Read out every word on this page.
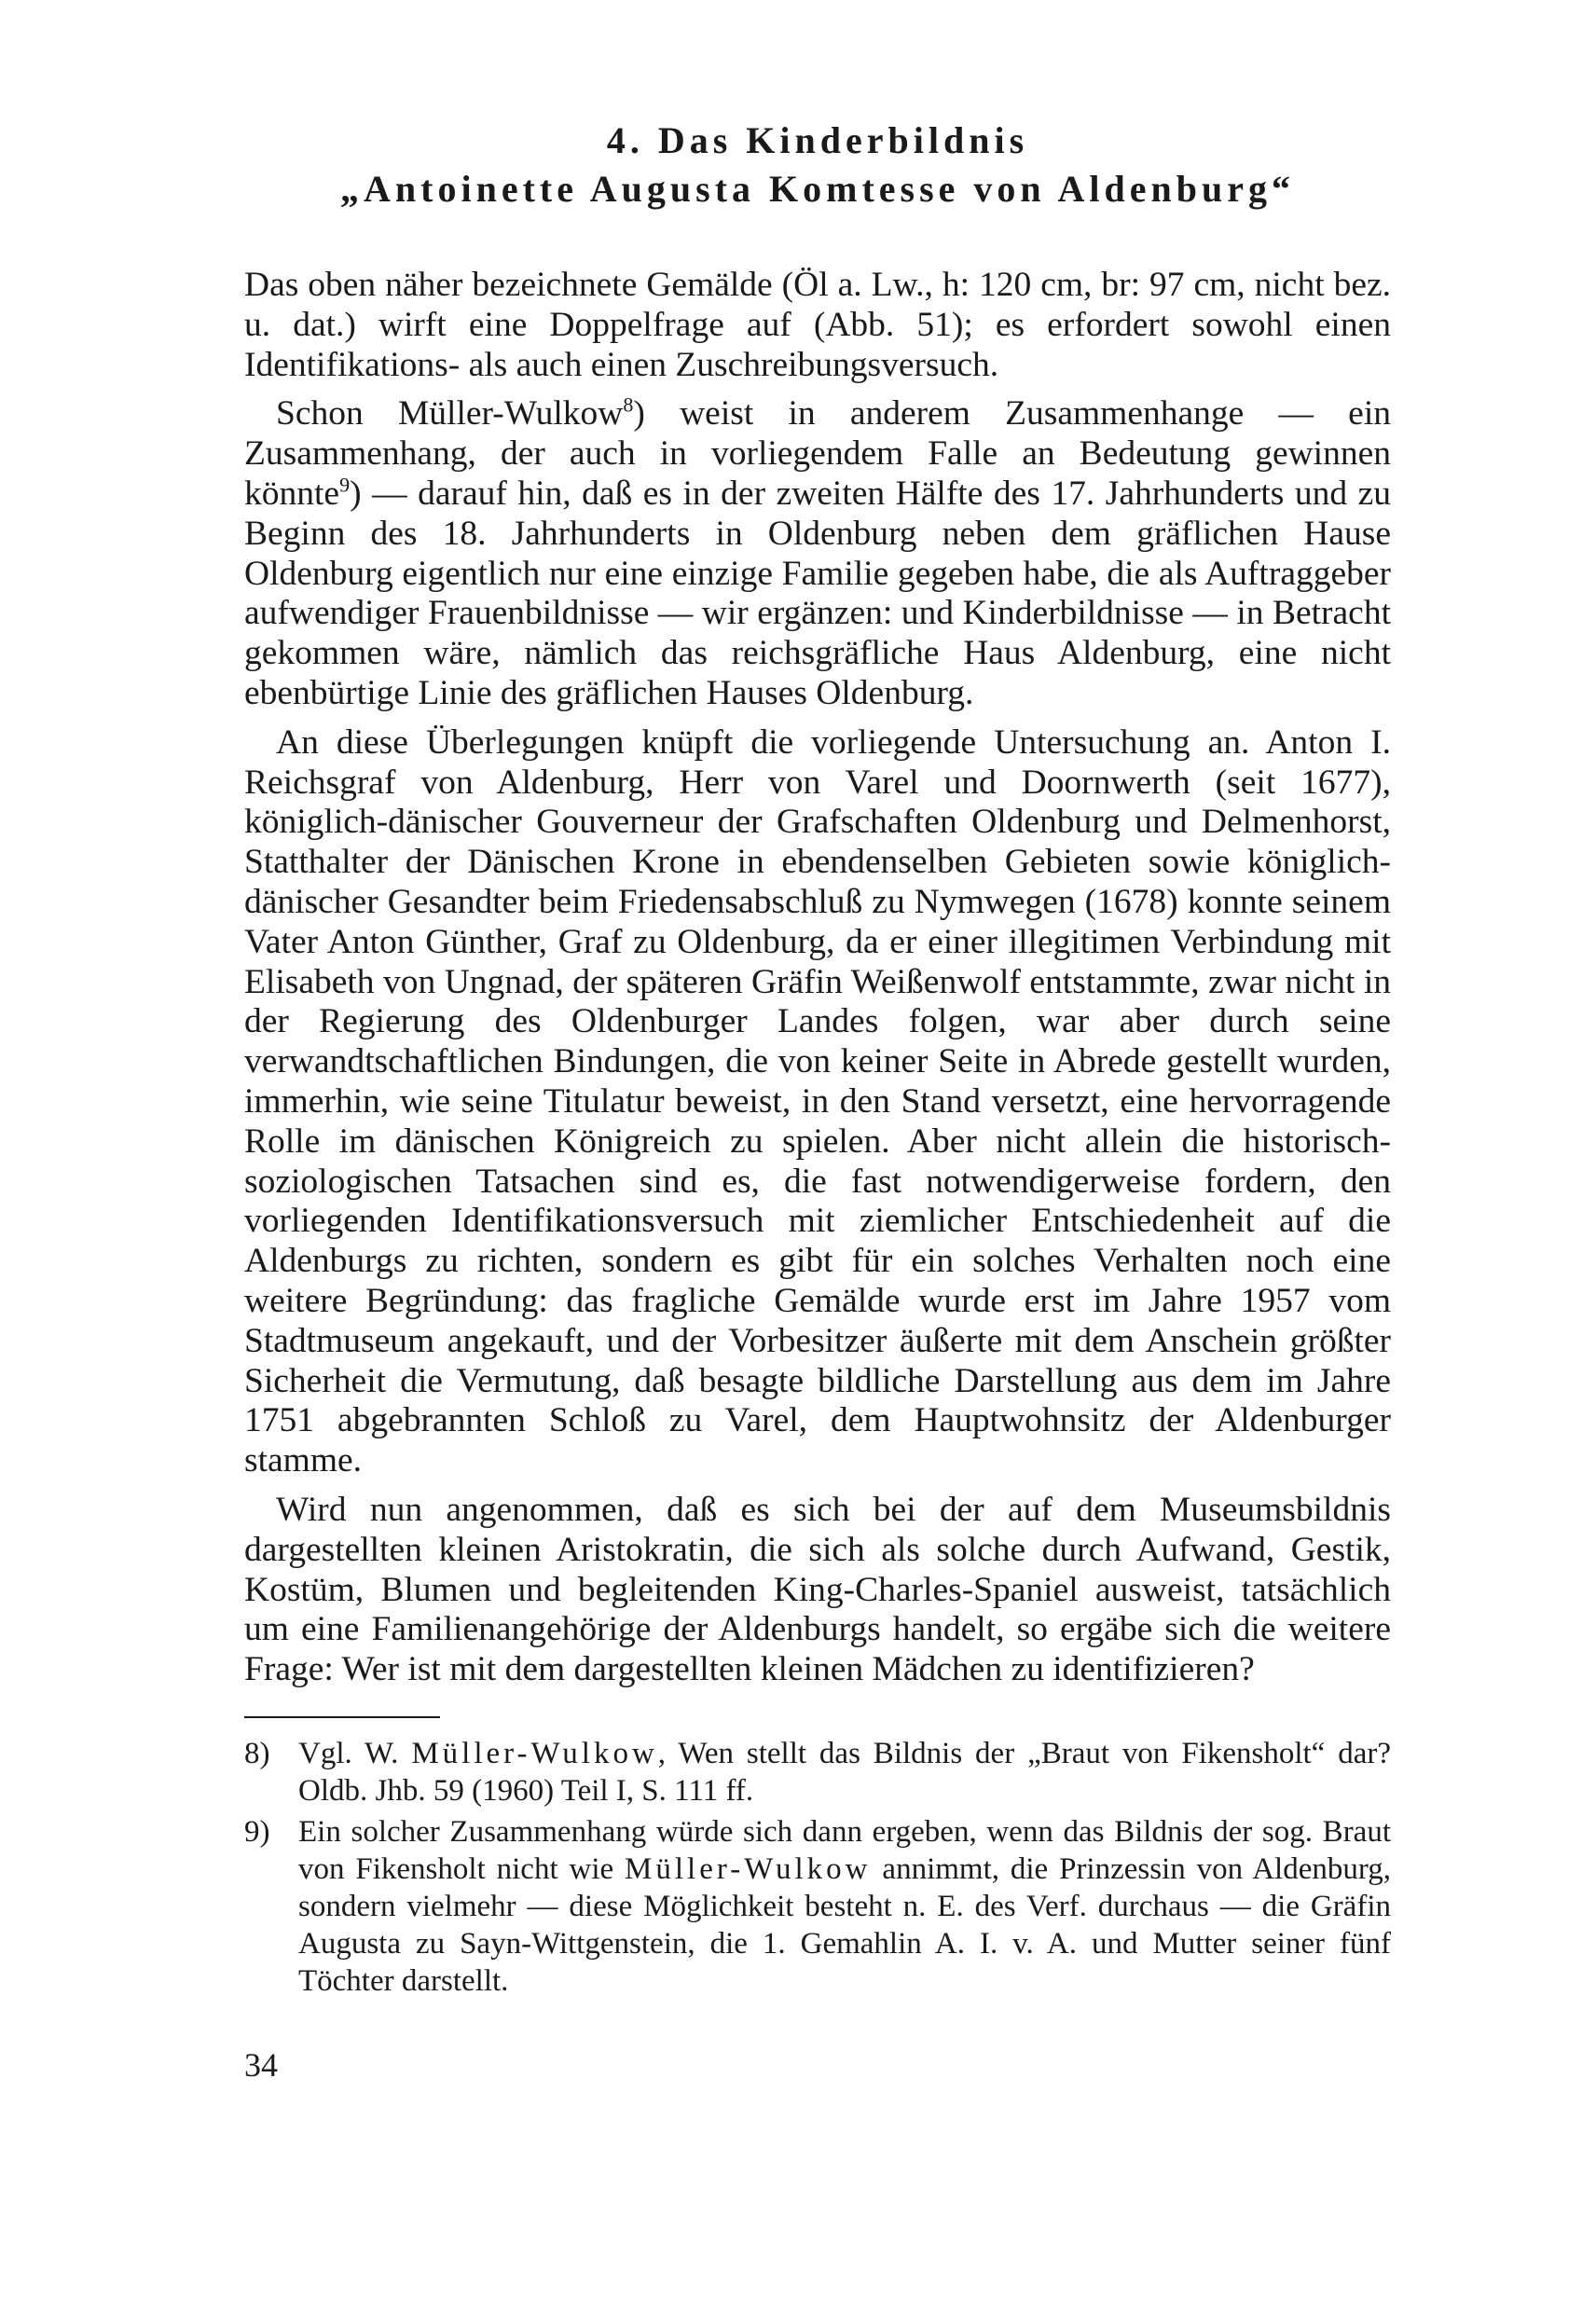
4. Das Kinderbildnis
„Antoinette Augusta Komtesse von Aldenburg“

Das oben näher bezeichnete Gemälde (Öl a. Lw., h: 120 cm, br: 97 cm, nicht bez. u. dat.) wirft eine Doppelfrage auf (Abb. 51); es erfordert sowohl einen Identifikations- als auch einen Zuschreibungsversuch.

Schon Müller-Wulkow$^8$) weist in anderem Zusammenhange — ein Zusammenhang, der auch in vorliegendem Falle an Bedeutung gewinnen könnte$^9$) — darauf hin, daß es in der zweiten Hälfte des 17. Jahrhunderts und zu Beginn des 18. Jahrhunderts in Oldenburg neben dem gräflichen Hause Oldenburg eigentlich nur eine einzige Familie gegeben habe, die als Auftraggeber aufwendiger Frauenbildnisse — wir ergänzen: und Kinderbildnisse — in Betracht gekommen wäre, nämlich das reichsgräfliche Haus Aldenburg, eine nicht ebenbürtige Linie des gräflichen Hauses Oldenburg.

An diese Überlegungen knüpft die vorliegende Untersuchung an. Anton I. Reichsgraf von Aldenburg, Herr von Varel und Doornwerth (seit 1677), königlich-dänischer Gouverneur der Grafschaften Oldenburg und Delmenhorst, Statthalter der Dänischen Krone in ebendenselben Gebieten sowie königlich-dänischer Gesandter beim Friedensabschluß zu Nymwegen (1678) konnte seinem Vater Anton Günther, Graf zu Oldenburg, da er einer illegitimen Verbindung mit Elisabeth von Ungnad, der späteren Gräfin Weißenwolf entstammte, zwar nicht in der Regierung des Oldenburger Landes folgen, war aber durch seine verwandtschaftlichen Bindungen, die von keiner Seite in Abrede gestellt wurden, immerhin, wie seine Titulatur beweist, in den Stand versetzt, eine hervorragende Rolle im dänischen Königreich zu spielen. Aber nicht allein die historisch-soziologischen Tatsachen sind es, die fast notwendigerweise fordern, den vorliegenden Identifikationsversuch mit ziemlicher Entschiedenheit auf die Aldenburgs zu richten, sondern es gibt für ein solches Verhalten noch eine weitere Begründung: das fragliche Gemälde wurde erst im Jahre 1957 vom Stadtmuseum angekauft, und der Vorbesitzer äußerte mit dem Anschein größter Sicherheit die Vermutung, daß besagte bildliche Darstellung aus dem im Jahre 1751 abgebrannten Schloß zu Varel, dem Hauptwohnsitz der Aldenburger stamme.

Wird nun angenommen, daß es sich bei der auf dem Museumsbildnis dargestellten kleinen Aristokratin, die sich als solche durch Aufwand, Gestik, Kostüm, Blumen und begleitenden King-Charles-Spaniel ausweist, tatsächlich um eine Familienangehörige der Aldenburgs handelt, so ergäbe sich die weitere Frage: Wer ist mit dem dargestellten kleinen Mädchen zu identifizieren?

8) Vgl. W. Müller-Wulkow, Wen stellt das Bildnis der „Braut von Fikensholt“ dar? Oldb. Jhb. 59 (1960) Teil I, S. 111 ff.
9) Ein solcher Zusammenhang würde sich dann ergeben, wenn das Bildnis der sog. Braut von Fikensholt nicht wie Müller-Wulkow annimmt, die Prinzessin von Aldenburg, sondern vielmehr — diese Möglichkeit besteht n. E. des Verf. durchaus — die Gräfin Augusta zu Sayn-Wittgenstein, die 1. Gemahlin A. I. v. A. und Mutter seiner fünf Töchter darstellt.
34
